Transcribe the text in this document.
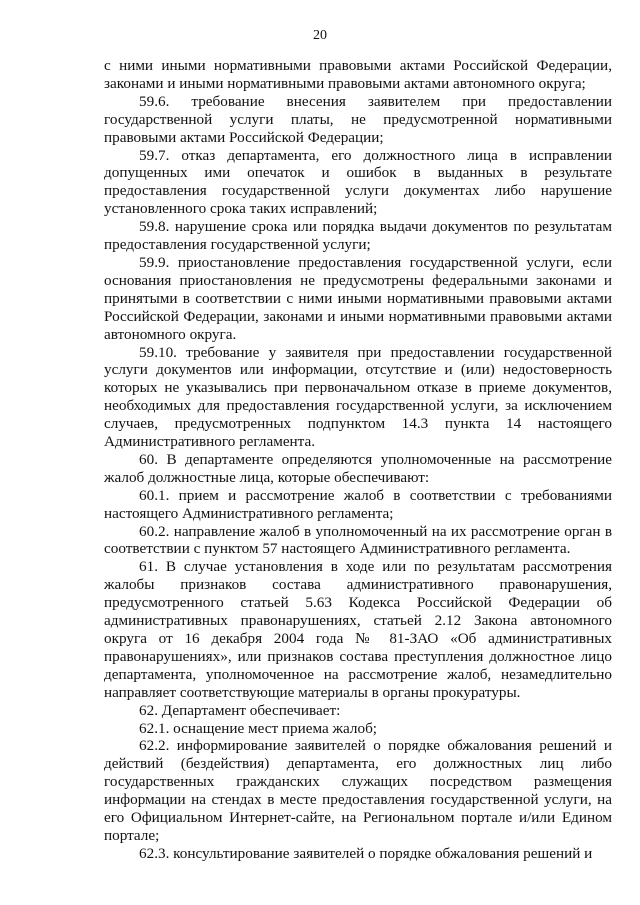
20

с ними иными нормативными правовыми актами Российской Федерации, законами и иными нормативными правовыми актами автономного округа;

59.6. требование внесения заявителем при предоставлении государственной услуги платы, не предусмотренной нормативными правовыми актами Российской Федерации;

59.7. отказ департамента, его должностного лица в исправлении допущенных ими опечаток и ошибок в выданных в результате предоставления государственной услуги документах либо нарушение установленного срока таких исправлений;

59.8. нарушение срока или порядка выдачи документов по результатам предоставления государственной услуги;

59.9. приостановление предоставления государственной услуги, если основания приостановления не предусмотрены федеральными законами и принятыми в соответствии с ними иными нормативными правовыми актами Российской Федерации, законами и иными нормативными правовыми актами автономного округа.

59.10. требование у заявителя при предоставлении государственной услуги документов или информации, отсутствие и (или) недостоверность которых не указывались при первоначальном отказе в приеме документов, необходимых для предоставления государственной услуги, за исключением случаев, предусмотренных подпунктом 14.3 пункта 14 настоящего Административного регламента.

60. В департаменте определяются уполномоченные на рассмотрение жалоб должностные лица, которые обеспечивают:

60.1. прием и рассмотрение жалоб в соответствии с требованиями настоящего Административного регламента;

60.2. направление жалоб в уполномоченный на их рассмотрение орган в соответствии с пунктом 57 настоящего Административного регламента.

61. В случае установления в ходе или по результатам рассмотрения жалобы признаков состава административного правонарушения, предусмотренного статьей 5.63 Кодекса Российской Федерации об административных правонарушениях, статьей 2.12 Закона автономного округа от 16 декабря 2004 года № 81-ЗАО «Об административных правонарушениях», или признаков состава преступления должностное лицо департамента, уполномоченное на рассмотрение жалоб, незамедлительно направляет соответствующие материалы в органы прокуратуры.

62. Департамент обеспечивает:

62.1. оснащение мест приема жалоб;

62.2. информирование заявителей о порядке обжалования решений и действий (бездействия) департамента, его должностных лиц либо государственных гражданских служащих посредством размещения информации на стендах в месте предоставления государственной услуги, на его Официальном Интернет-сайте, на Региональном портале и/или Едином портале;

62.3. консультирование заявителей о порядке обжалования решений и
